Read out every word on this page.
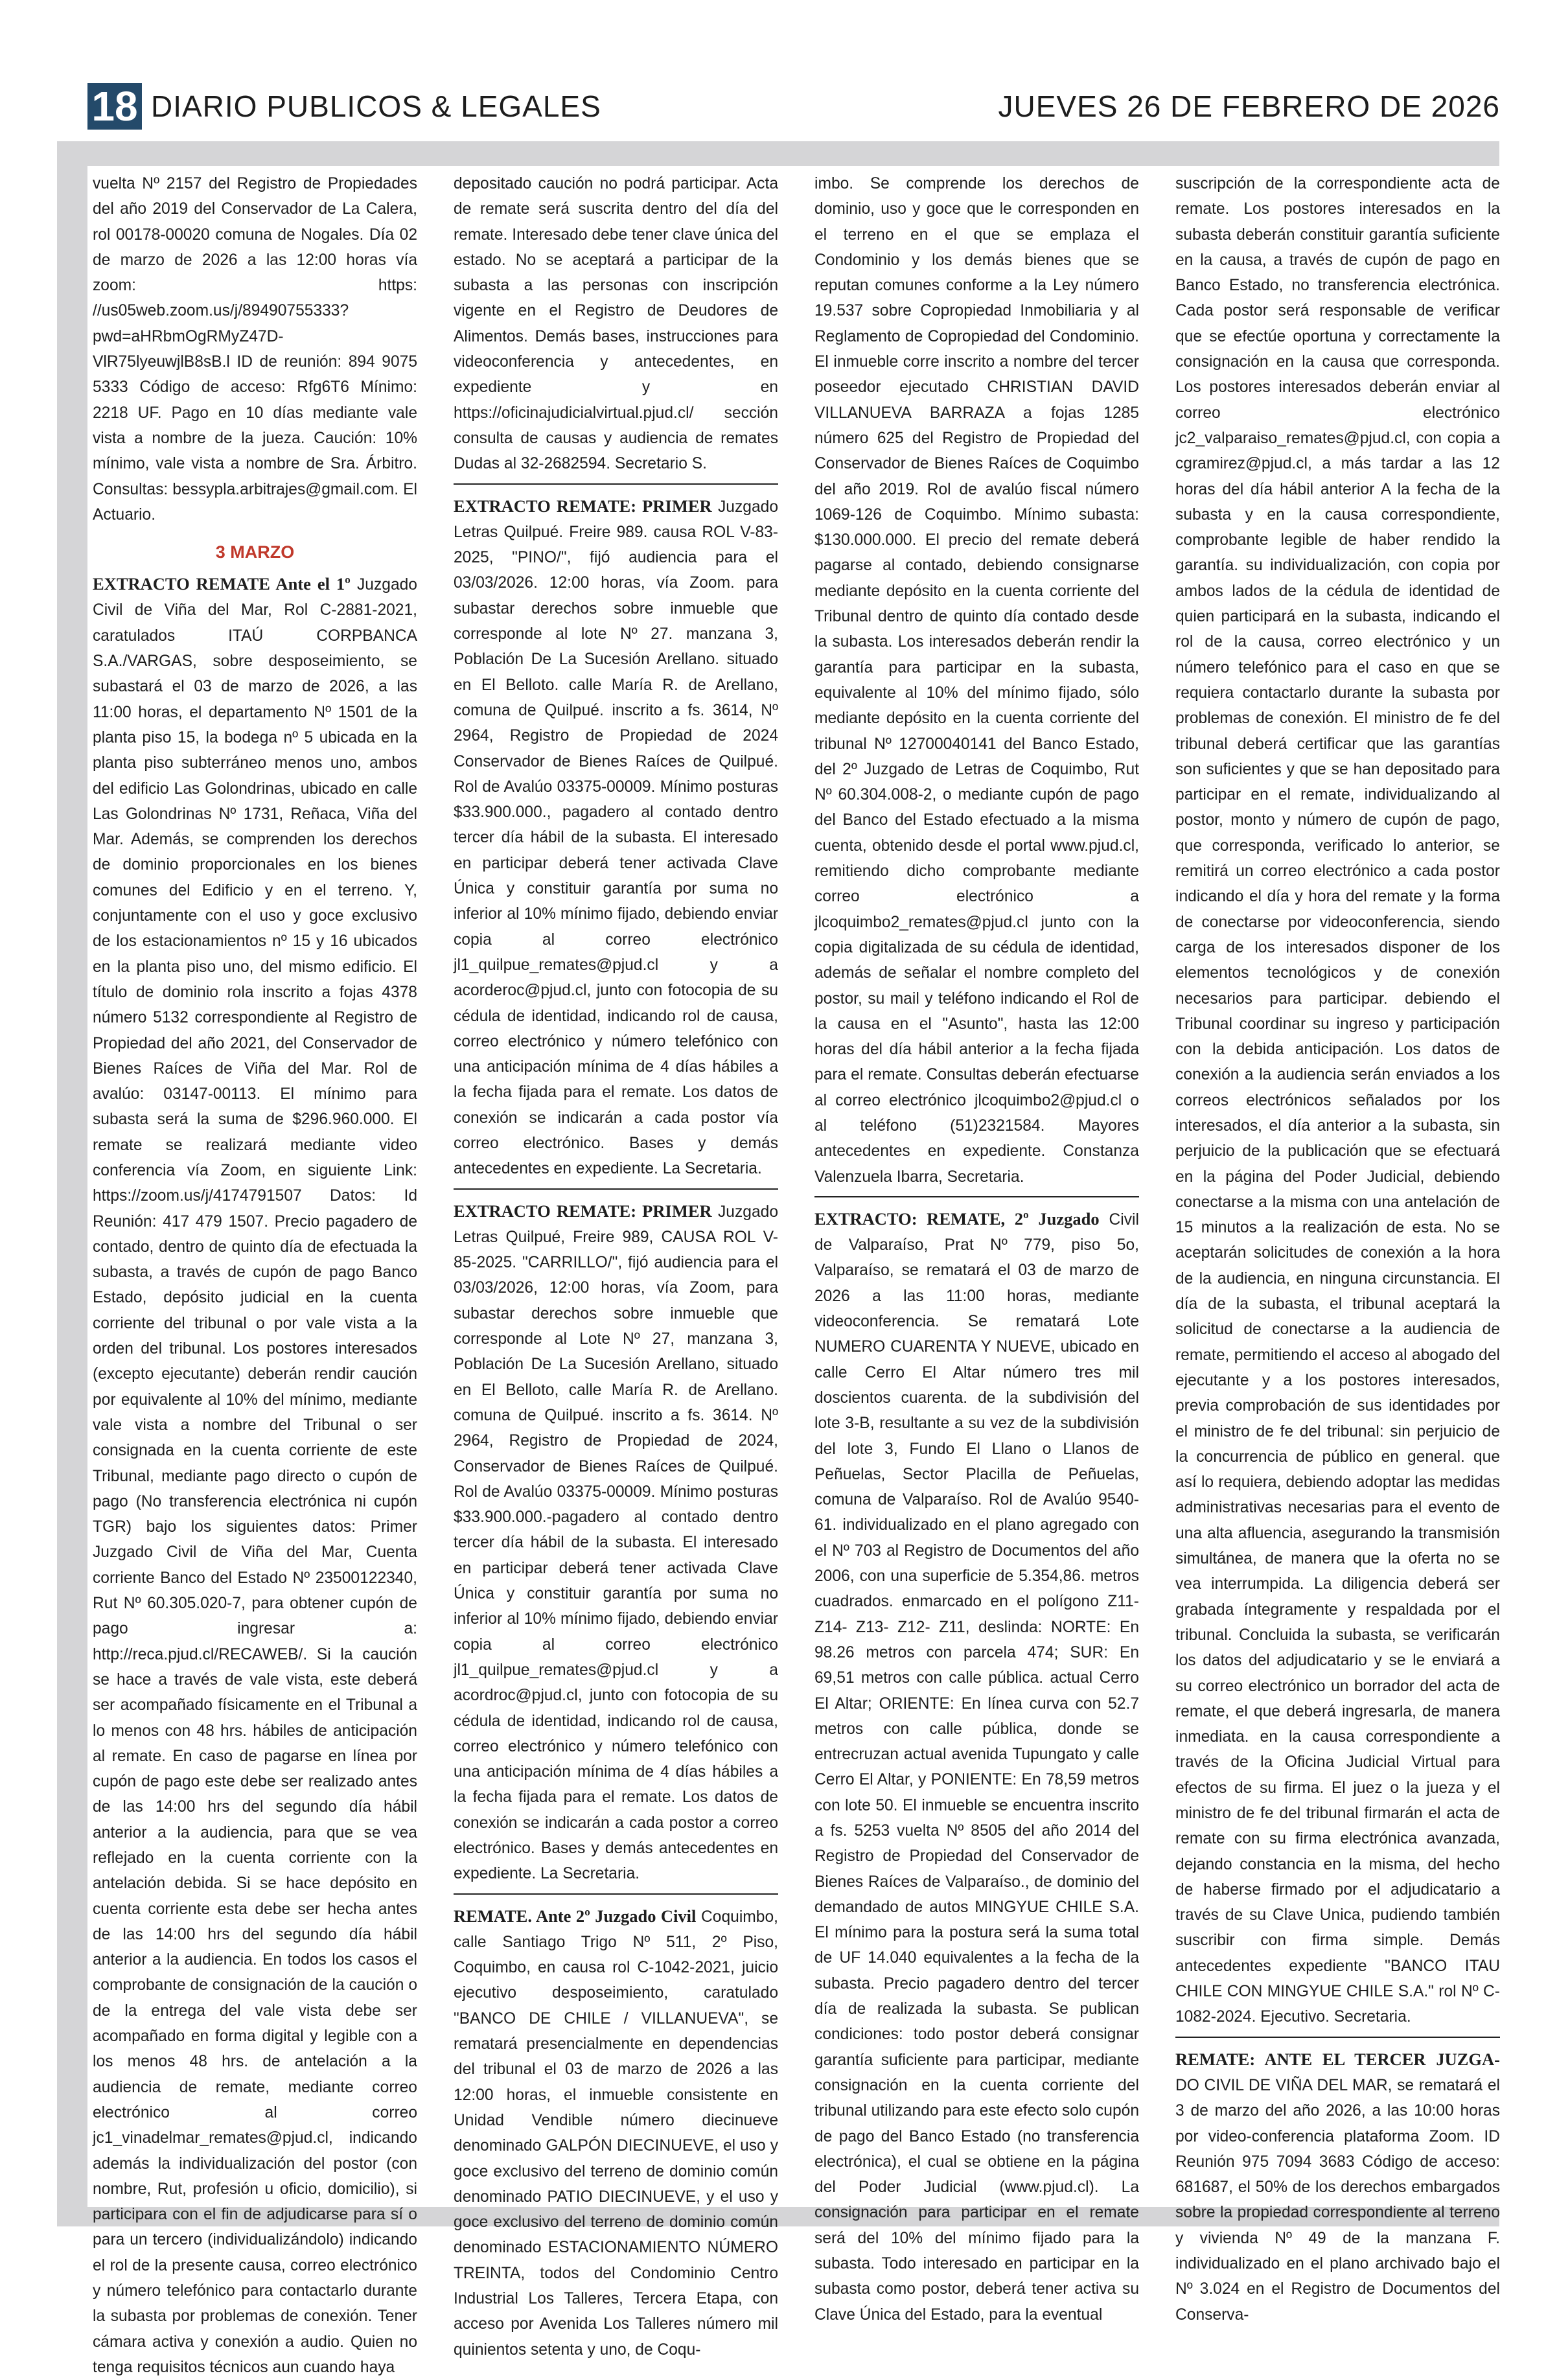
18 DIARIO PUBLICOS & LEGALES	JUEVES 26 DE FEBRERO DE 2026

vuelta Nº 2157 del Registro de Propiedades del año 2019 del Conservador de La Calera, rol 00178-00020 comuna de Nogales. Día 02 de marzo de 2026 a las 12:00 horas vía zoom: https: //us05web.zoom.us/j/89490755333?pwd=aHRbmOgRMyZ47D-VlR75lyeuwjlB8sB.l ID de reunión: 894 9075 5333 Código de acceso: Rfg6T6 Mínimo: 2218 UF. Pago en 10 días mediante vale vista a nombre de la jueza. Caución: 10% mínimo, vale vista a nombre de Sra. Árbitro. Consultas: bessypla.arbitrajes@gmail.com. El Actuario.

3 MARZO

EXTRACTO REMATE Ante el 1º Juzgado Civil de Viña del Mar, Rol C-2881-2021, caratulados ITAÚ CORPBANCA S.A./VARGAS, sobre desposeimiento, se subastará el 03 de marzo de 2026, a las 11:00 horas, el departamento Nº 1501 de la planta piso 15, la bodega nº 5 ubicada en la planta piso subterráneo menos uno, ambos del edificio Las Golondrinas, ubicado en calle Las Golondrinas Nº 1731, Reñaca, Viña del Mar. Además, se comprenden los derechos de dominio proporcionales en los bienes comunes del Edificio y en el terreno. Y, conjuntamente con el uso y goce exclusivo de los estacionamientos nº 15 y 16 ubicados en la planta piso uno, del mismo edificio. El título de dominio rola inscrito a fojas 4378 número 5132 correspondiente al Registro de Propiedad del año 2021, del Conservador de Bienes Raíces de Viña del Mar. Rol de avalúo: 03147-00113. El mínimo para subasta será la suma de $296.960.000. El remate se realizará mediante video conferencia vía Zoom, en siguiente Link: https://zoom.us/j/4174791507 Datos: Id Reunión: 417 479 1507. Precio pagadero de contado, dentro de quinto día de efectuada la subasta, a través de cupón de pago Banco Estado, depósito judicial en la cuenta corriente del tribunal o por vale vista a la orden del tribunal. Los postores interesados (excepto ejecutante) deberán rendir caución por equivalente al 10% del mínimo, mediante vale vista a nombre del Tribunal o ser consignada en la cuenta corriente de este Tribunal, mediante pago directo o cupón de pago (No transferencia electrónica ni cupón TGR) bajo los siguientes datos: Primer Juzgado Civil de Viña del Mar, Cuenta corriente Banco del Estado Nº 23500122340, Rut Nº 60.305.020-7, para obtener cupón de pago ingresar a: http://reca.pjud.cl/RECAWEB/. Si la caución se hace a través de vale vista, este deberá ser acompañado físicamente en el Tribunal a lo menos con 48 hrs. hábiles de anticipación al remate. En caso de pagarse en línea por cupón de pago este debe ser realizado antes de las 14:00 hrs del segundo día hábil anterior a la audiencia, para que se vea reflejado en la cuenta corriente con la antelación debida. Si se hace depósito en cuenta corriente esta debe ser hecha antes de las 14:00 hrs del segundo día hábil anterior a la audiencia. En todos los casos el comprobante de consignación de la caución o de la entrega del vale vista debe ser acompañado en forma digital y legible con a los menos 48 hrs. de antelación a la audiencia de remate, mediante correo electrónico al correo jc1_vinadelmar_remates@pjud.cl, indicando además la individualización del postor (con nombre, Rut, profesión u oficio, domicilio), si participara con el fin de adjudicarse para sí o para un tercero (individualizándolo) indicando el rol de la presente causa, correo electrónico y número telefónico para contactarlo durante la subasta por problemas de conexión. Tener cámara activa y conexión a audio. Quien no tenga requisitos técnicos aun cuando haya

depositado caución no podrá participar. Acta de remate será suscrita dentro del día del remate. Interesado debe tener clave única del estado. No se aceptará a participar de la subasta a las personas con inscripción vigente en el Registro de Deudores de Alimentos. Demás bases, instrucciones para videoconferencia y antecedentes, en expediente y en https://oficinajudicialvirtual.pjud.cl/ sección consulta de causas y audiencia de remates Dudas al 32-2682594. Secretario S.

EXTRACTO REMATE: PRIMER Juzgado Letras Quilpué. Freire 989. causa ROL V-83-2025, "PINO/", fijó audiencia para el 03/03/2026. 12:00 horas, vía Zoom. para subastar derechos sobre inmueble que corresponde al lote Nº 27. manzana 3, Población De La Sucesión Arellano. situado en El Belloto. calle María R. de Arellano, comuna de Quilpué. inscrito a fs. 3614, Nº 2964, Registro de Propiedad de 2024 Conservador de Bienes Raíces de Quilpué. Rol de Avalúo 03375-00009. Mínimo posturas $33.900.000., pagadero al contado dentro tercer día hábil de la subasta. El interesado en participar deberá tener activada Clave Única y constituir garantía por suma no inferior al 10% mínimo fijado, debiendo enviar copia al correo electrónico jl1_quilpue_remates@pjud.cl y a acorderoc@pjud.cl, junto con fotocopia de su cédula de identidad, indicando rol de causa, correo electrónico y número telefónico con una anticipación mínima de 4 días hábiles a la fecha fijada para el remate. Los datos de conexión se indicarán a cada postor vía correo electrónico. Bases y demás antecedentes en expediente. La Secretaria.

EXTRACTO REMATE: PRIMER Juzgado Letras Quilpué, Freire 989, CAUSA ROL V-85-2025. "CARRILLO/", fijó audiencia para el 03/03/2026, 12:00 horas, vía Zoom, para subastar derechos sobre inmueble que corresponde al Lote Nº 27, manzana 3, Población De La Sucesión Arellano, situado en El Belloto, calle María R. de Arellano. comuna de Quilpué. inscrito a fs. 3614. Nº 2964, Registro de Propiedad de 2024, Conservador de Bienes Raíces de Quilpué. Rol de Avalúo 03375-00009. Mínimo posturas $33.900.000.-pagadero al contado dentro tercer día hábil de la subasta. El interesado en participar deberá tener activada Clave Única y constituir garantía por suma no inferior al 10% mínimo fijado, debiendo enviar copia al correo electrónico jl1_quilpue_remates@pjud.cl y a acordroc@pjud.cl, junto con fotocopia de su cédula de identidad, indicando rol de causa, correo electrónico y número telefónico con una anticipación mínima de 4 días hábiles a la fecha fijada para el remate. Los datos de conexión se indicarán a cada postor a correo electrónico. Bases y demás antecedentes en expediente. La Secretaria.

REMATE. Ante 2º Juzgado Civil Coquimbo, calle Santiago Trigo Nº 511, 2º Piso, Coquimbo, en causa rol C-1042-2021, juicio ejecutivo desposeimiento, caratulado "BANCO DE CHILE / VILLANUEVA", se rematará presencialmente en dependencias del tribunal el 03 de marzo de 2026 a las 12:00 horas, el inmueble consistente en Unidad Vendible número diecinueve denominado GALPÓN DIECINUEVE, el uso y goce exclusivo del terreno de dominio común denominado PATIO DIECINUEVE, y el uso y goce exclusivo del terreno de dominio común denominado ESTACIONAMIENTO NÚMERO TREINTA, todos del Condominio Centro Industrial Los Talleres, Tercera Etapa, con acceso por Avenida Los Talleres número mil quinientos setenta y uno, de Coqu-

imbo. Se comprende los derechos de dominio, uso y goce que le corresponden en el terreno en el que se emplaza el Condominio y los demás bienes que se reputan comunes conforme a la Ley número 19.537 sobre Copropiedad Inmobiliaria y al Reglamento de Copropiedad del Condominio. El inmueble corre inscrito a nombre del tercer poseedor ejecutado CHRISTIAN DAVID VILLANUEVA BARRAZA a fojas 1285 número 625 del Registro de Propiedad del Conservador de Bienes Raíces de Coquimbo del año 2019. Rol de avalúo fiscal número 1069-126 de Coquimbo. Mínimo subasta: $130.000.000. El precio del remate deberá pagarse al contado, debiendo consignarse mediante depósito en la cuenta corriente del Tribunal dentro de quinto día contado desde la subasta. Los interesados deberán rendir la garantía para participar en la subasta, equivalente al 10% del mínimo fijado, sólo mediante depósito en la cuenta corriente del tribunal Nº 12700040141 del Banco Estado, del 2º Juzgado de Letras de Coquimbo, Rut Nº 60.304.008-2, o mediante cupón de pago del Banco del Estado efectuado a la misma cuenta, obtenido desde el portal www.pjud.cl, remitiendo dicho comprobante mediante correo electrónico a jlcoquimbo2_remates@pjud.cl junto con la copia digitalizada de su cédula de identidad, además de señalar el nombre completo del postor, su mail y teléfono indicando el Rol de la causa en el "Asunto", hasta las 12:00 horas del día hábil anterior a la fecha fijada para el remate. Consultas deberán efectuarse al correo electrónico jlcoquimbo2@pjud.cl o al teléfono (51)2321584. Mayores antecedentes en expediente. Constanza Valenzuela Ibarra, Secretaria.

EXTRACTO: REMATE, 2º Juzgado Civil de Valparaíso, Prat Nº 779, piso 5o, Valparaíso, se rematará el 03 de marzo de 2026 a las 11:00 horas, mediante videoconferencia. Se rematará Lote NUMERO CUARENTA Y NUEVE, ubicado en calle Cerro El Altar número tres mil doscientos cuarenta. de la subdivisión del lote 3-B, resultante a su vez de la subdivisión del lote 3, Fundo El Llano o Llanos de Peñuelas, Sector Placilla de Peñuelas, comuna de Valparaíso. Rol de Avalúo 9540-61. individualizado en el plano agregado con el Nº 703 al Registro de Documentos del año 2006, con una superficie de 5.354,86. metros cuadrados. enmarcado en el polígono Z11-Z14- Z13- Z12- Z11, deslinda: NORTE: En 98.26 metros con parcela 474; SUR: En 69,51 metros con calle pública. actual Cerro El Altar; ORIENTE: En línea curva con 52.7 metros con calle pública, donde se entrecruzan actual avenida Tupungato y calle Cerro El Altar, y PONIENTE: En 78,59 metros con lote 50. El inmueble se encuentra inscrito a fs. 5253 vuelta Nº 8505 del año 2014 del Registro de Propiedad del Conservador de Bienes Raíces de Valparaíso., de dominio del demandado de autos MINGYUE CHILE S.A. El mínimo para la postura será la suma total de UF 14.040 equivalentes a la fecha de la subasta. Precio pagadero dentro del tercer día de realizada la subasta. Se publican condiciones: todo postor deberá consignar garantía suficiente para participar, mediante consignación en la cuenta corriente del tribunal utilizando para este efecto solo cupón de pago del Banco Estado (no transferencia electrónica), el cual se obtiene en la página del Poder Judicial (www.pjud.cl). La consignación para participar en el remate será del 10% del mínimo fijado para la subasta. Todo interesado en participar en la subasta como postor, deberá tener activa su Clave Única del Estado, para la eventual

suscripción de la correspondiente acta de remate. Los postores interesados en la subasta deberán constituir garantía suficiente en la causa, a través de cupón de pago en Banco Estado, no transferencia electrónica. Cada postor será responsable de verificar que se efectúe oportuna y correctamente la consignación en la causa que corresponda. Los postores interesados deberán enviar al correo electrónico jc2_valparaiso_remates@pjud.cl, con copia a cgramirez@pjud.cl, a más tardar a las 12 horas del día hábil anterior A la fecha de la subasta y en la causa correspondiente, comprobante legible de haber rendido la garantía. su individualización, con copia por ambos lados de la cédula de identidad de quien participará en la subasta, indicando el rol de la causa, correo electrónico y un número telefónico para el caso en que se requiera contactarlo durante la subasta por problemas de conexión. El ministro de fe del tribunal deberá certificar que las garantías son suficientes y que se han depositado para participar en el remate, individualizando al postor, monto y número de cupón de pago, que corresponda, verificado lo anterior, se remitirá un correo electrónico a cada postor indicando el día y hora del remate y la forma de conectarse por videoconferencia, siendo carga de los interesados disponer de los elementos tecnológicos y de conexión necesarios para participar. debiendo el Tribunal coordinar su ingreso y participación con la debida anticipación. Los datos de conexión a la audiencia serán enviados a los correos electrónicos señalados por los interesados, el día anterior a la subasta, sin perjuicio de la publicación que se efectuará en la página del Poder Judicial, debiendo conectarse a la misma con una antelación de 15 minutos a la realización de esta. No se aceptarán solicitudes de conexión a la hora de la audiencia, en ninguna circunstancia. El día de la subasta, el tribunal aceptará la solicitud de conectarse a la audiencia de remate, permitiendo el acceso al abogado del ejecutante y a los postores interesados, previa comprobación de sus identidades por el ministro de fe del tribunal: sin perjuicio de la concurrencia de público en general. que así lo requiera, debiendo adoptar las medidas administrativas necesarias para el evento de una alta afluencia, asegurando la transmisión simultánea, de manera que la oferta no se vea interrumpida. La diligencia deberá ser grabada íntegramente y respaldada por el tribunal. Concluida la subasta, se verificarán los datos del adjudicatario y se le enviará a su correo electrónico un borrador del acta de remate, el que deberá ingresarla, de manera inmediata. en la causa correspondiente a través de la Oficina Judicial Virtual para efectos de su firma. El juez o la jueza y el ministro de fe del tribunal firmarán el acta de remate con su firma electrónica avanzada, dejando constancia en la misma, del hecho de haberse firmado por el adjudicatario a través de su Clave Unica, pudiendo también suscribir con firma simple. Demás antecedentes expediente "BANCO ITAU CHILE CON MINGYUE CHILE S.A." rol Nº C-1082-2024. Ejecutivo. Secretaria.

REMATE: ANTE EL TERCER JUZGA-DO CIVIL DE VIÑA DEL MAR, se rematará el 3 de marzo del año 2026, a las 10:00 horas por video-conferencia plataforma Zoom. ID Reunión 975 7094 3683 Código de acceso: 681687, el 50% de los derechos embargados sobre la propiedad correspondiente al terreno y vivienda Nº 49 de la manzana F. individualizado en el plano archivado bajo el Nº 3.024 en el Registro de Documentos del Conserva-
